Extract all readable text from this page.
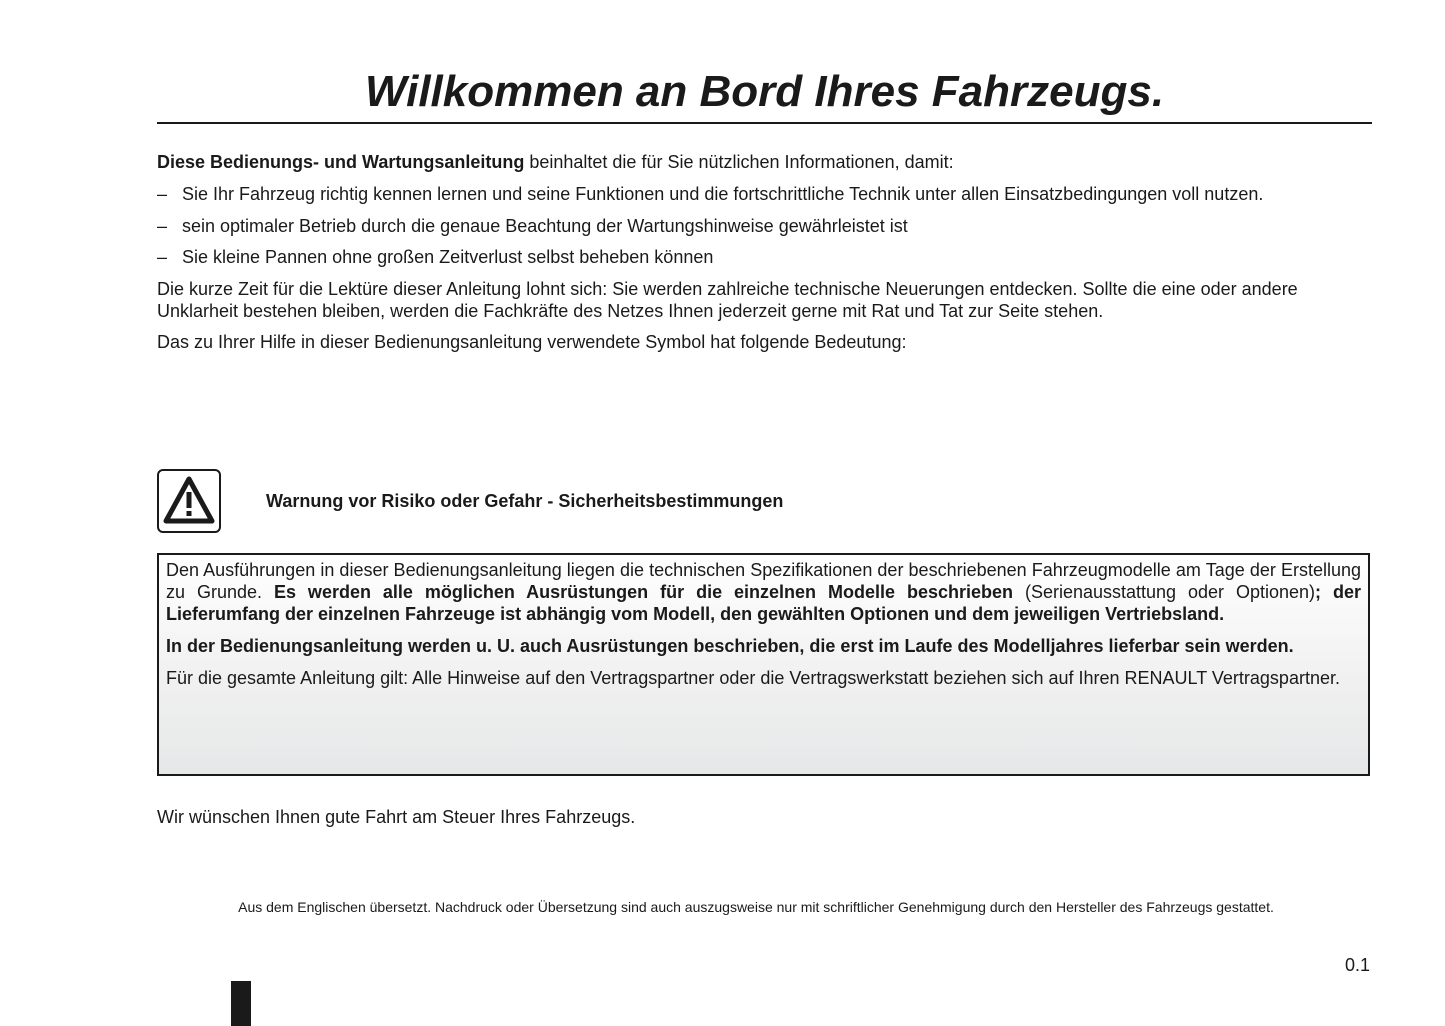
Willkommen an Bord Ihres Fahrzeugs.

Diese Bedienungs- und Wartungsanleitung beinhaltet die für Sie nützlichen Informationen, damit:

– Sie Ihr Fahrzeug richtig kennen lernen und seine Funktionen und die fortschrittliche Technik unter allen Einsatzbedingungen voll nutzen.
– sein optimaler Betrieb durch die genaue Beachtung der Wartungshinweise gewährleistet ist
– Sie kleine Pannen ohne großen Zeitverlust selbst beheben können

Die kurze Zeit für die Lektüre dieser Anleitung lohnt sich: Sie werden zahlreiche technische Neuerungen entdecken. Sollte die eine oder andere Unklarheit bestehen bleiben, werden die Fachkräfte des Netzes Ihnen jederzeit gerne mit Rat und Tat zur Seite stehen.

Das zu Ihrer Hilfe in dieser Bedienungsanleitung verwendete Symbol hat folgende Bedeutung:

Warnung vor Risiko oder Gefahr - Sicherheitsbestimmungen

Den Ausführungen in dieser Bedienungsanleitung liegen die technischen Spezifikationen der beschriebenen Fahrzeugmodelle am Tage der Erstellung zu Grunde. Es werden alle möglichen Ausrüstungen für die einzelnen Modelle beschrieben (Serienausstattung oder Optionen); der Lieferumfang der einzelnen Fahrzeuge ist abhängig vom Modell, den gewählten Optionen und dem jeweiligen Vertriebsland.

In der Bedienungsanleitung werden u. U. auch Ausrüstungen beschrieben, die erst im Laufe des Modelljahres lieferbar sein werden.

Für die gesamte Anleitung gilt: Alle Hinweise auf den Vertragspartner oder die Vertragswerkstatt beziehen sich auf Ihren RENAULT Vertragspartner.

Wir wünschen Ihnen gute Fahrt am Steuer Ihres Fahrzeugs.

Aus dem Englischen übersetzt. Nachdruck oder Übersetzung sind auch auszugsweise nur mit schriftlicher Genehmigung durch den Hersteller des Fahrzeugs gestattet.

0.1
